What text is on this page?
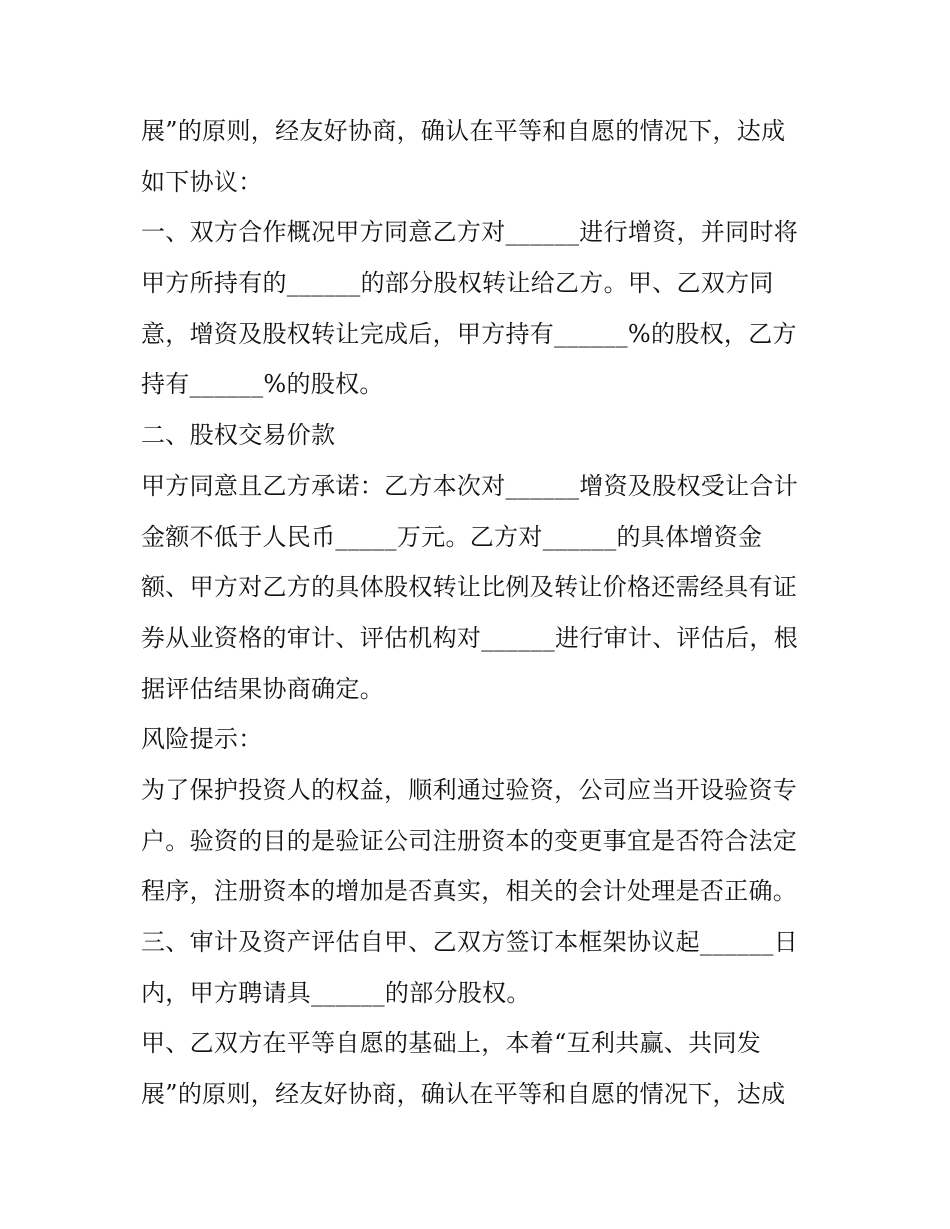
展”的原则，经友好协商，确认在平等和自愿的情况下，达成
如下协议：
一、双方合作概况甲方同意乙方对______进行增资，并同时将
甲方所持有的______的部分股权转让给乙方。甲、乙双方同
意，增资及股权转让完成后，甲方持有______%的股权，乙方
持有______%的股权。
二、股权交易价款
甲方同意且乙方承诺：乙方本次对______增资及股权受让合计
金额不低于人民币_____万元。乙方对______的具体增资金
额、甲方对乙方的具体股权转让比例及转让价格还需经具有证
券从业资格的审计、评估机构对______进行审计、评估后，根
据评估结果协商确定。
风险提示：
为了保护投资人的权益，顺利通过验资，公司应当开设验资专
户。验资的目的是验证公司注册资本的变更事宜是否符合法定
程序，注册资本的增加是否真实，相关的会计处理是否正确。
三、审计及资产评估自甲、乙双方签订本框架协议起______日
内，甲方聘请具______的部分股权。
甲、乙双方在平等自愿的基础上，本着“互利共赢、共同发
展”的原则，经友好协商，确认在平等和自愿的情况下，达成
